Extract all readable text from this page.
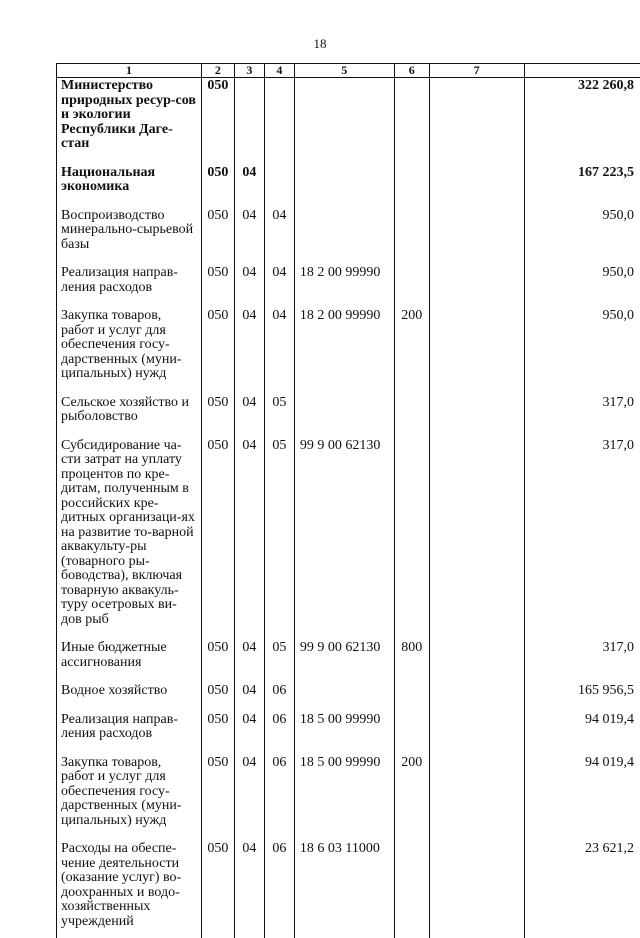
18
1	2	3	4	5	6	7	
Министерство природных ресур-сов и экологии Республики Даге-стан	050						322 260,8
Национальная экономика	050	04					167 223,5
Воспроизводство минерально-сырьевой базы	050	04	04				950,0
Реализация направ-ления расходов	050	04	04	18 2 00 99990			950,0
Закупка товаров, работ и услуг для обеспечения госу-дарственных (муни-ципальных) нужд	050	04	04	18 2 00 99990	200		950,0
Сельское хозяйство и рыболовство	050	04	05				317,0
Субсидирование ча-сти затрат на уплату процентов по кре-дитам, полученным в российских кре-дитных организаци-ях на развитие то-варной аквакульту-ры (товарного ры-боводства), включая товарную аквакуль-туру осетровых ви-дов рыб	050	04	05	99 9 00 62130			317,0
Иные бюджетные ассигнования	050	04	05	99 9 00 62130	800		317,0
Водное хозяйство	050	04	06				165 956,5
Реализация направ-ления расходов	050	04	06	18 5 00 99990			94 019,4
Закупка товаров, работ и услуг для обеспечения госу-дарственных (муни-ципальных) нужд	050	04	06	18 5 00 99990	200		94 019,4
Расходы на обеспе-чение деятельности (оказание услуг) во-доохранных и водо-хозяйственных учреждений	050	04	06	18 6 03 11000			23 621,2
